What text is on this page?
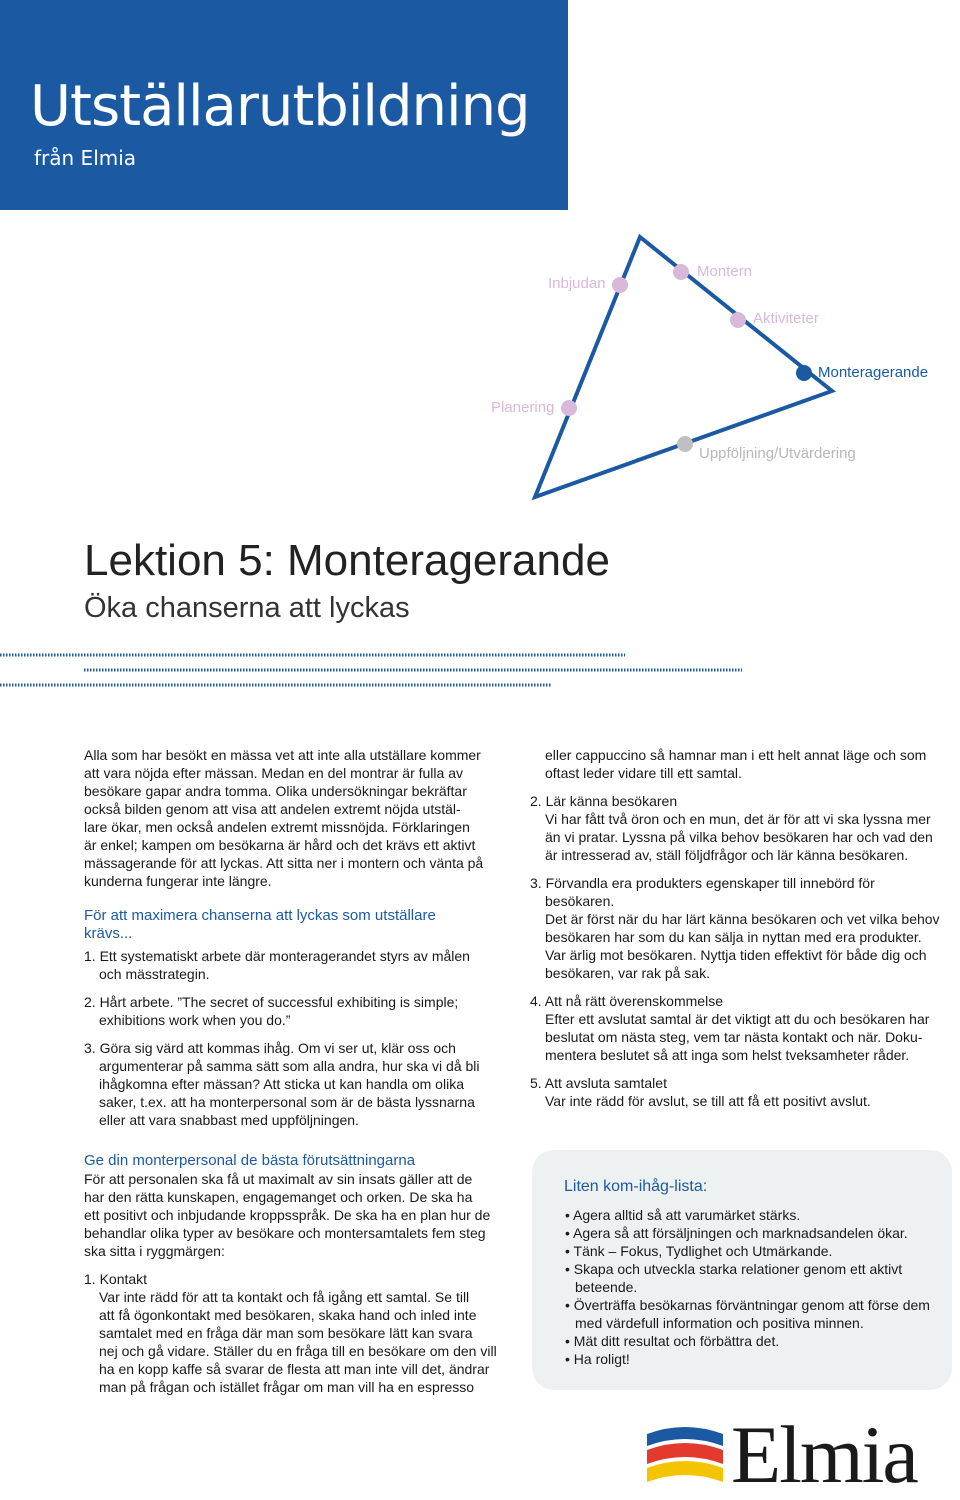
Utställarutbildning
från Elmia
Inbjudan
Montern
Aktiviteter
Monteragerande
Planering
Uppföljning/Utvärdering
Lektion 5: Monteragerande
Öka chanserna att lyckas

Alla som har besökt en mässa vet att inte alla utställare kommer

att vara nöjda efter mässan. Medan en del montrar är fulla av

besökare gapar andra tomma. Olika undersökningar bekräftar

också bilden genom att visa att andelen extremt nöjda utstäl-

lare ökar, men också andelen extremt missnöjda. Förklaringen

är enkel; kampen om besökarna är hård och det krävs ett aktivt

mässagerande för att lyckas. Att sitta ner i montern och vänta på

kunderna fungerar inte längre.

För att maximera chanserna att lyckas som utställare

krävs...

1. Ett systematiskt arbete där monteragerandet styrs av målen

och mässtrategin.

2. Hårt arbete. ”The secret of successful exhibiting is simple;

exhibitions work when you do.”

3. Göra sig värd att kommas ihåg. Om vi ser ut, klär oss och

argumenterar på samma sätt som alla andra, hur ska vi då bli

ihågkomna efter mässan? Att sticka ut kan handla om olika

saker, t.ex. att ha monterpersonal som är de bästa lyssnarna

eller att vara snabbast med uppföljningen.

Ge din monterpersonal de bästa förutsättningarna

För att personalen ska få ut maximalt av sin insats gäller att de

har den rätta kunskapen, engagemanget och orken. De ska ha

ett positivt och inbjudande kroppsspråk. De ska ha en plan hur de

behandlar olika typer av besökare och montersamtalets fem steg

ska sitta i ryggmärgen:

1. Kontakt

Var inte rädd för att ta kontakt och få igång ett samtal. Se till

att få ögonkontakt med besökaren, skaka hand och inled inte

samtalet med en fråga där man som besökare lätt kan svara

nej och gå vidare. Ställer du en fråga till en besökare om den vill

ha en kopp kaffe så svarar de flesta att man inte vill det, ändrar

man på frågan och istället frågar om man vill ha en espresso

eller cappuccino så hamnar man i ett helt annat läge och som

oftast leder vidare till ett samtal.

2. Lär känna besökaren

Vi har fått två öron och en mun, det är för att vi ska lyssna mer

än vi pratar. Lyssna på vilka behov besökaren har och vad den

är intresserad av, ställ följdfrågor och lär känna besökaren.

3. Förvandla era produkters egenskaper till innebörd för

besökaren.

Det är först när du har lärt känna besökaren och vet vilka behov

besökaren har som du kan sälja in nyttan med era produkter.

Var ärlig mot besökaren. Nyttja tiden effektivt för både dig och

besökaren, var rak på sak.

4. Att nå rätt överenskommelse

Efter ett avslutat samtal är det viktigt att du och besökaren har

beslutat om nästa steg, vem tar nästa kontakt och när. Doku-

mentera beslutet så att inga som helst tveksamheter råder.

5. Att avsluta samtalet

Var inte rädd för avslut, se till att få ett positivt avslut.

Liten kom-ihåg-lista:
• Agera alltid så att varumärket stärks.
• Agera så att försäljningen och marknadsandelen ökar.
• Tänk – Fokus, Tydlighet och Utmärkande.
• Skapa och utveckla starka relationer genom ett aktivt beteende.
• Överträffa besökarnas förväntningar genom att förse dem med värdefull information och positiva minnen.
• Mät ditt resultat och förbättra det.
• Ha roligt!
Elmia
